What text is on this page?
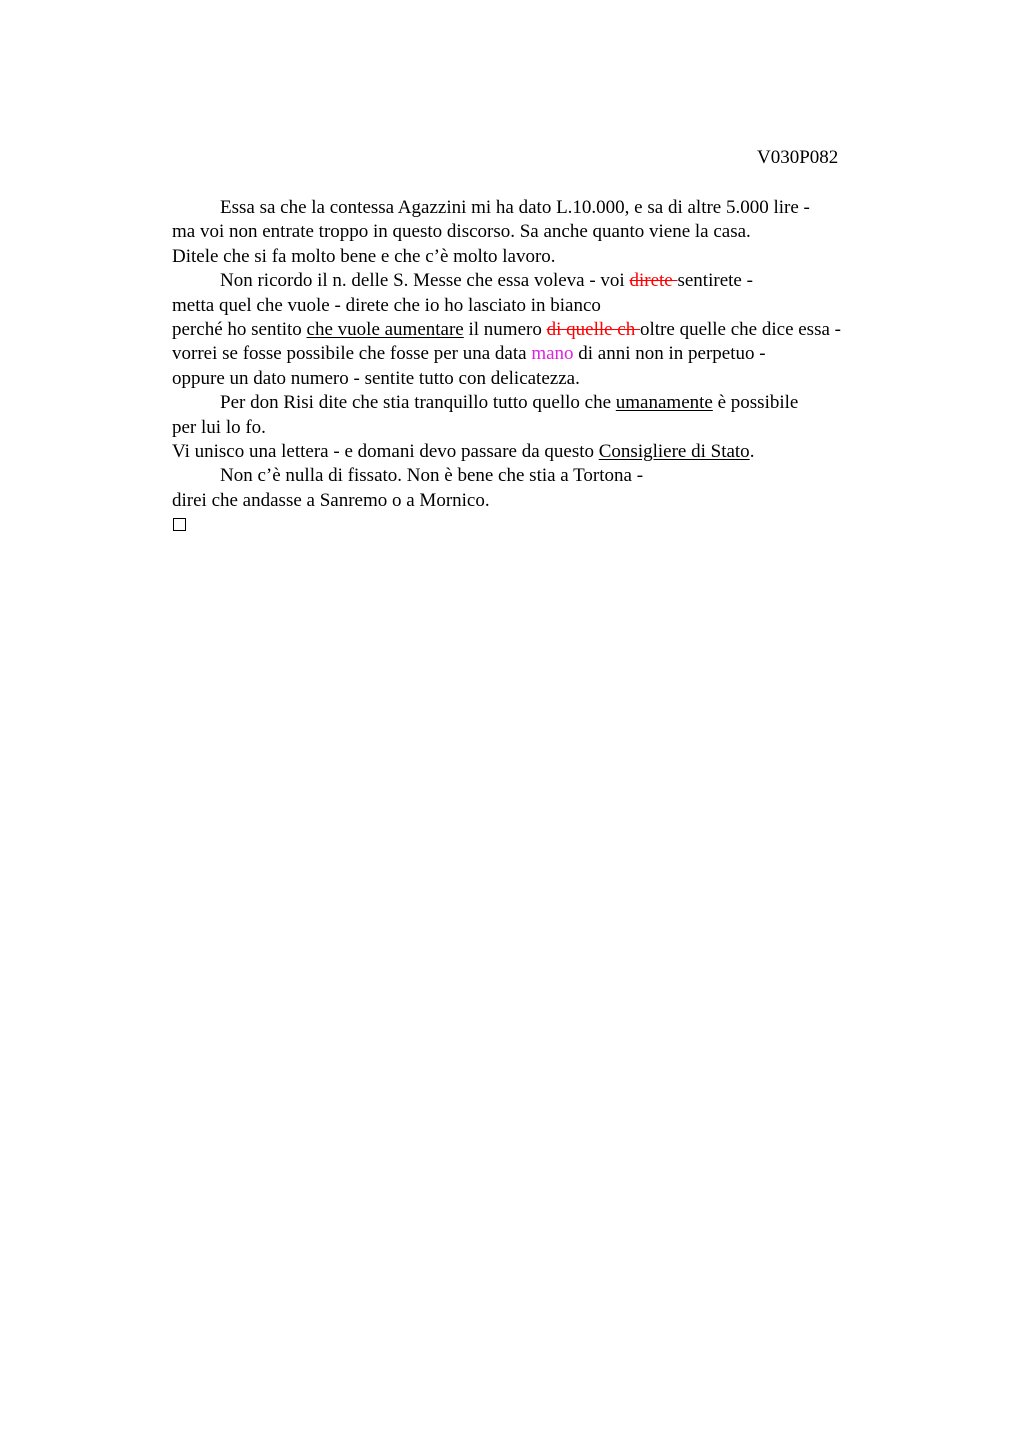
V030P082
Essa sa che la contessa Agazzini mi ha dato L.10.000, e sa di altre 5.000 lire -
ma voi non entrate troppo in questo discorso. Sa anche quanto viene la casa.
Ditele che si fa molto bene e che c’è molto lavoro.
Non ricordo il n. delle S. Messe che essa voleva - voi direte sentirete -
metta quel che vuole - direte che io ho lasciato in bianco
perché ho sentito che vuole aumentare il numero di quelle ch oltre quelle che dice essa -
vorrei se fosse possibile che fosse per una data mano di anni non in perpetuo -
oppure un dato numero - sentite tutto con delicatezza.
Per don Risi dite che stia tranquillo tutto quello che umanamente è possibile
per lui lo fo.
Vi unisco una lettera - e domani devo passare da questo Consigliere di Stato.
Non c’è nulla di fissato. Non è bene che stia a Tortona -
direi che andasse a Sanremo o a Mornico.
